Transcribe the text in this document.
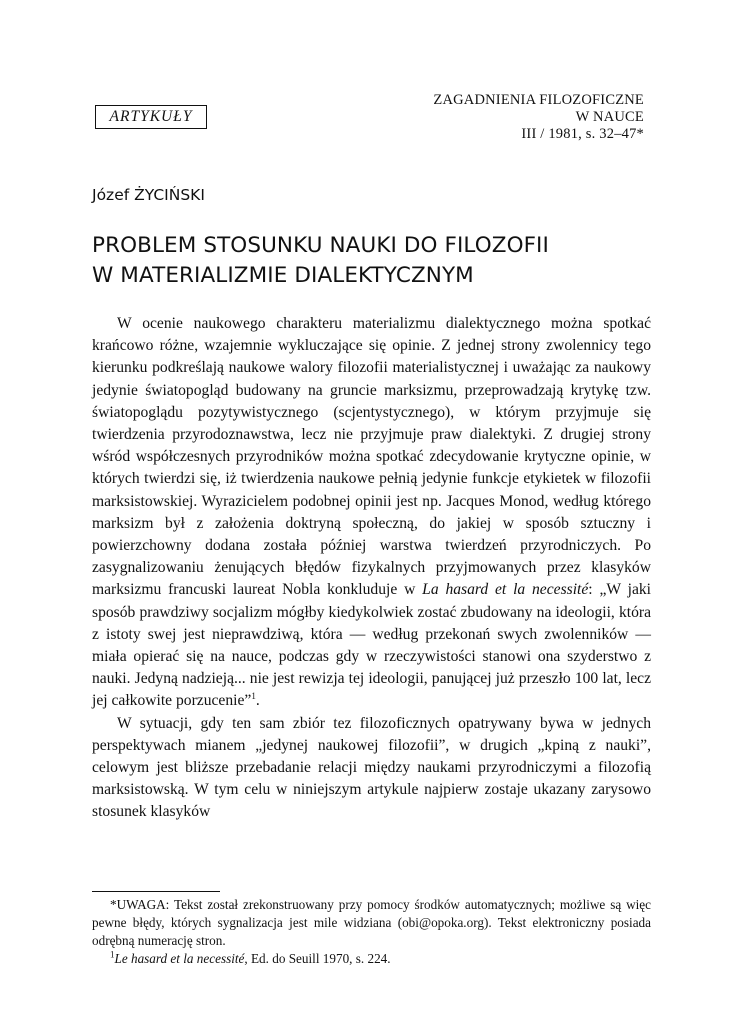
ARTYKUŁY
ZAGADNIENIA FILOZOFICZNE
W NAUCE
III / 1981, s. 32–47*
Józef ŻYCIŃSKI
PROBLEM STOSUNKU NAUKI DO FILOZOFII
W MATERIALIZMIE DIALEKTYCZNYM

W ocenie naukowego charakteru materializmu dialektycznego można spotkać krańcowo różne, wzajemnie wykluczające się opinie. Z jednej strony zwolennicy tego kierunku podkreślają naukowe walory filozofii materialistycznej i uważając za naukowy jedynie światopogląd budowany na gruncie marksizmu, przeprowadzają krytykę tzw. światopoglądu pozytywistycznego (scjentystycznego), w którym przyjmuje się twierdzenia przyrodoznawstwa, lecz nie przyjmuje praw dialektyki. Z drugiej strony wśród współczesnych przyrodników można spotkać zdecydowanie krytyczne opinie, w których twierdzi się, iż twierdzenia naukowe pełnią jedynie funkcje etykietek w filozofii marksistowskiej. Wyrazicielem podobnej opinii jest np. Jacques Monod, według którego marksizm był z założenia doktryną społeczną, do jakiej w sposób sztuczny i powierzchowny dodana została później warstwa twierdzeń przyrodniczych. Po zasygnalizowaniu żenujących błędów fizykalnych przyjmowanych przez klasyków marksizmu francuski laureat Nobla konkluduje w La hasard et la necessité: „W jaki sposób prawdziwy socjalizm mógłby kiedykolwiek zostać zbudowany na ideologii, która z istoty swej jest nieprawdziwą, która — według przekonań swych zwolenników — miała opierać się na nauce, podczas gdy w rzeczywistości stanowi ona szyderstwo z nauki. Jedyną nadzieją... nie jest rewizja tej ideologii, panującej już przeszło 100 lat, lecz jej całkowite porzucenie”$^1$.

W sytuacji, gdy ten sam zbiór tez filozoficznych opatrywany bywa w jednych perspektywach mianem „jedynej naukowej filozofii”, w drugich „kpiną z nauki”, celowym jest bliższe przebadanie relacji między naukami przyrodniczymi a filozofią marksistowską. W tym celu w niniejszym artykule najpierw zostaje ukazany zarysowo stosunek klasyków

*UWAGA: Tekst został zrekonstruowany przy pomocy środków automatycznych; możliwe są więc pewne błędy, których sygnalizacja jest mile widziana (obi@opoka.org). Tekst elektroniczny posiada odrębną numerację stron.

$^1$Le hasard et la necessité, Ed. do Seuill 1970, s. 224.
